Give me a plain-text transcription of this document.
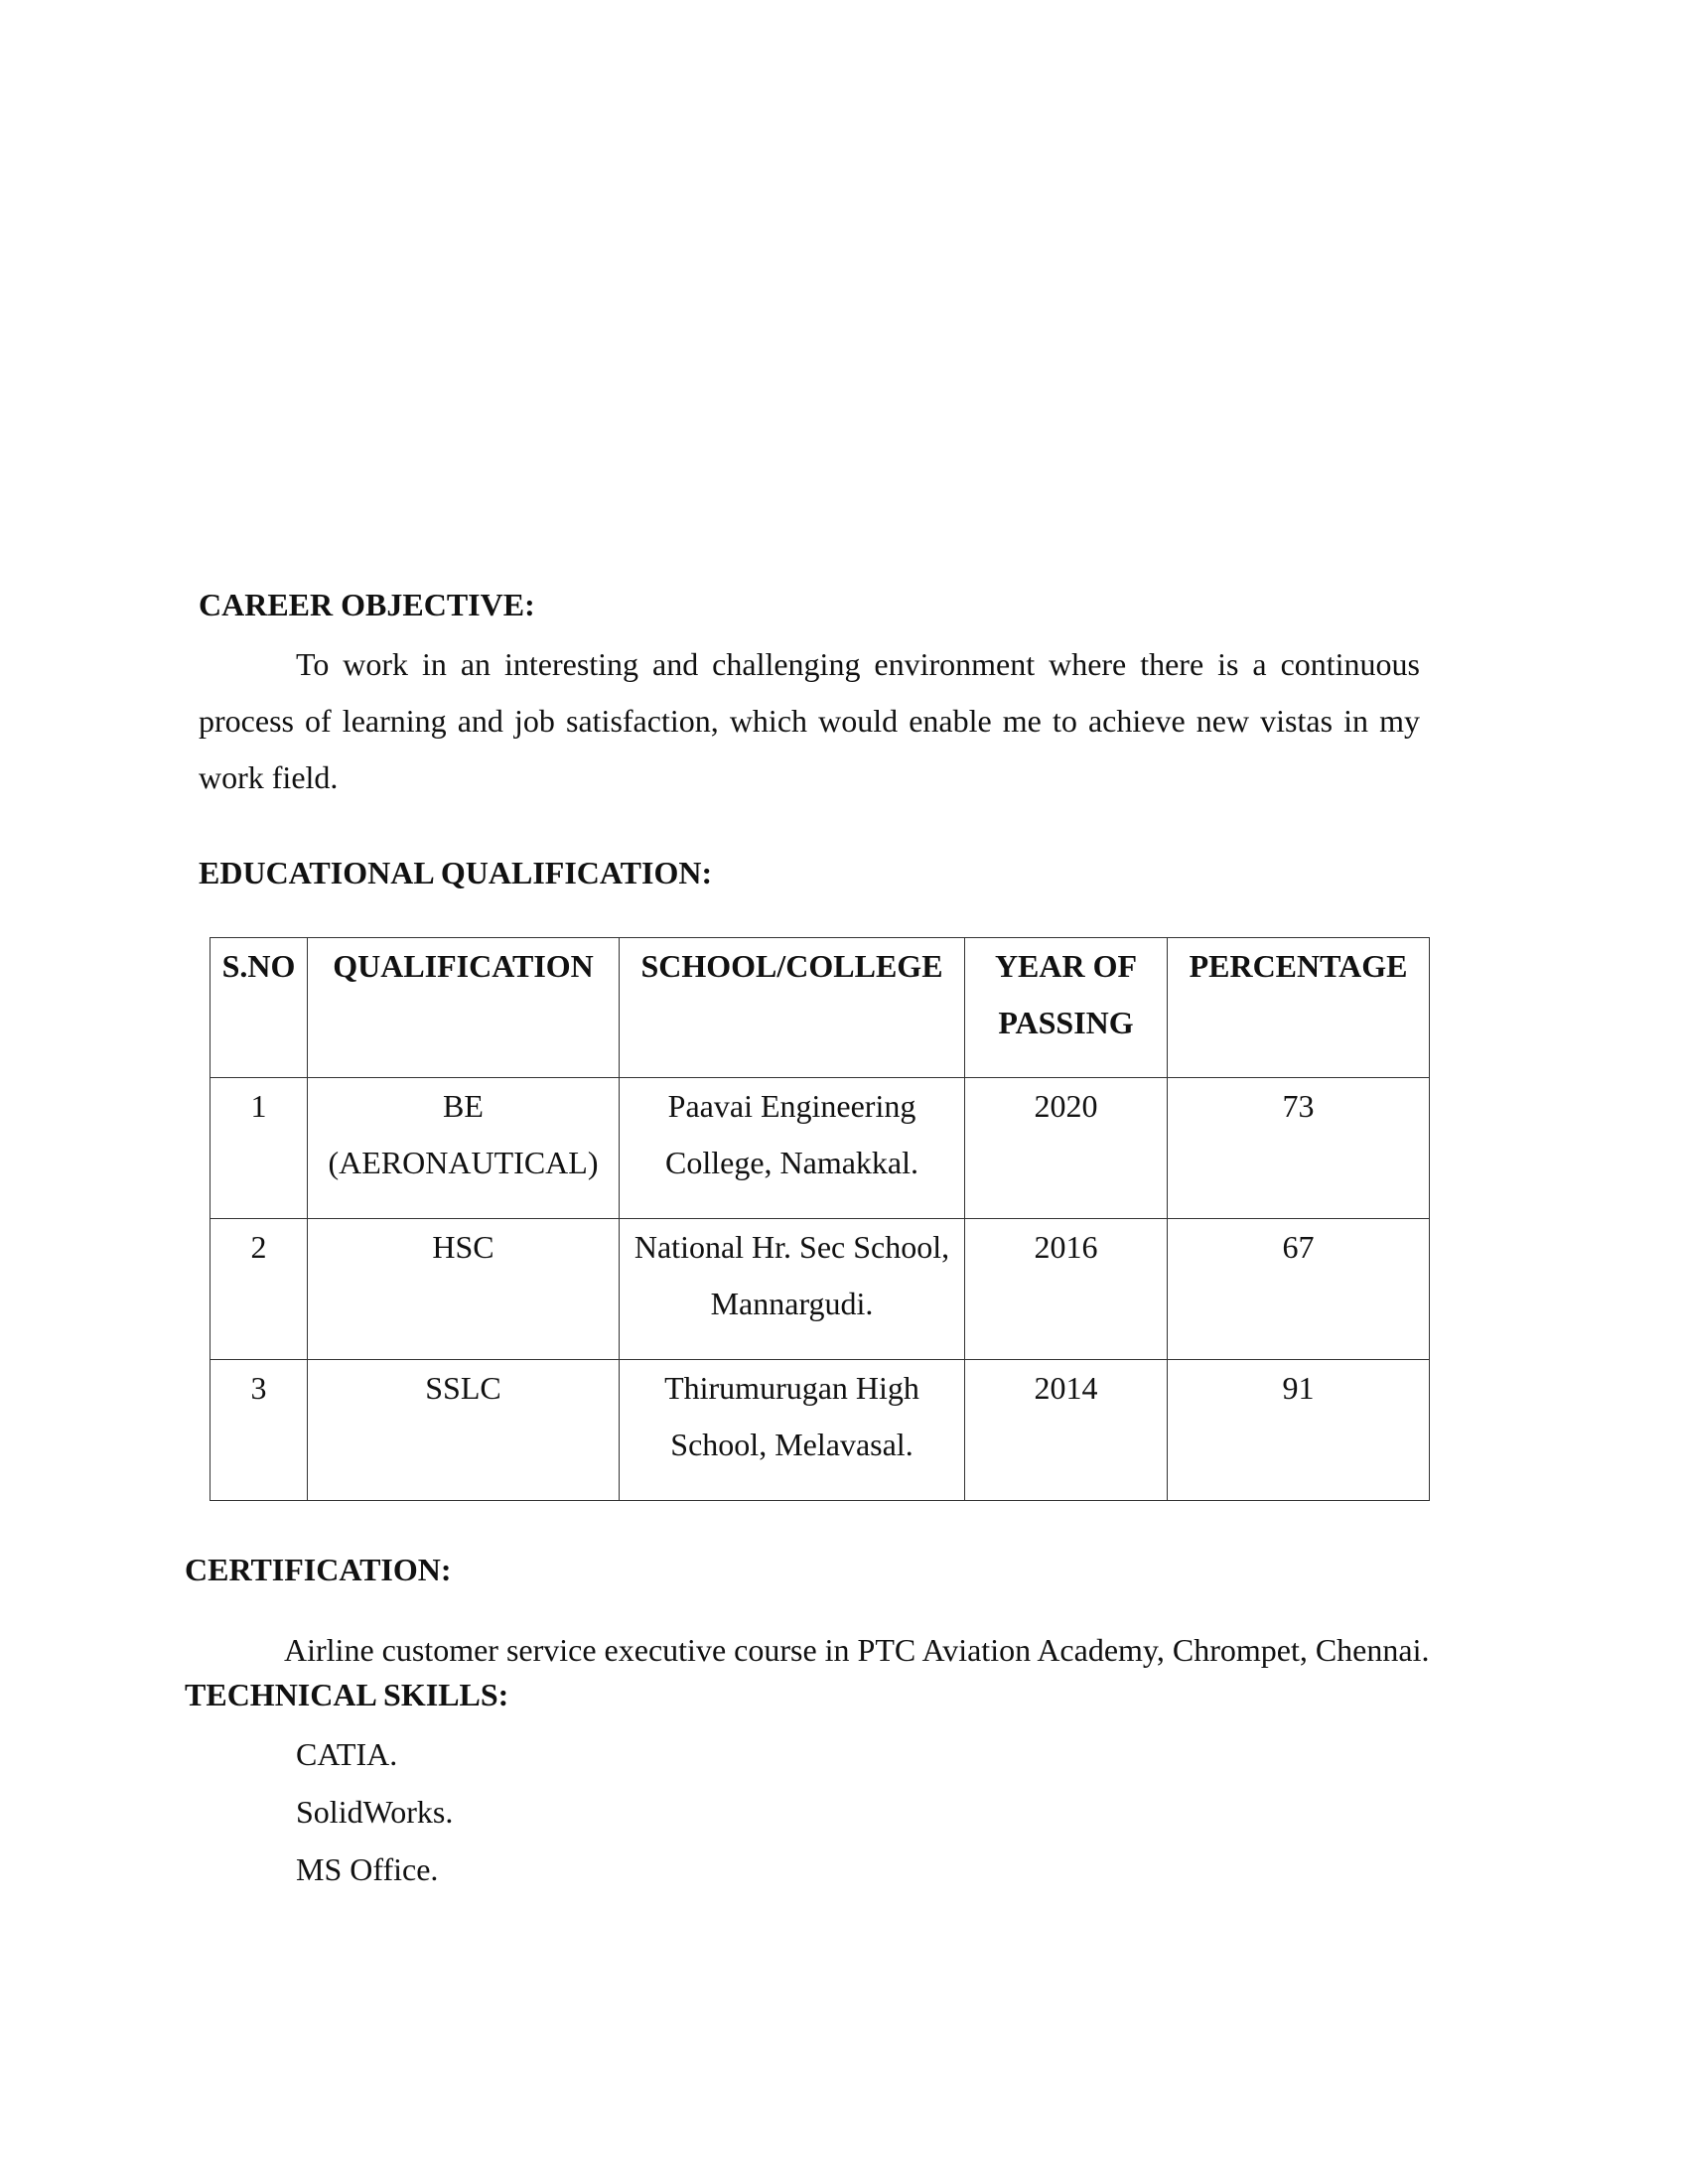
CAREER OBJECTIVE:

To work in an interesting and challenging environment where there is a continuous process of learning and job satisfaction, which would enable me to achieve new vistas in my work field.

EDUCATIONAL QUALIFICATION:
S.NO	QUALIFICATION	SCHOOL/COLLEGE	YEAR OF PASSING	PERCENTAGE
1	BE (AERONAUTICAL)	Paavai Engineering College, Namakkal.	2020	73
2	HSC	National Hr. Sec School, Mannargudi.	2016	67
3	SSLC	Thirumurugan High School, Melavasal.	2014	91
CERTIFICATION:

Airline customer service executive course in PTC Aviation Academy, Chrompet, Chennai.

TECHNICAL SKILLS:
CATIA.
SolidWorks.
MS Office.
